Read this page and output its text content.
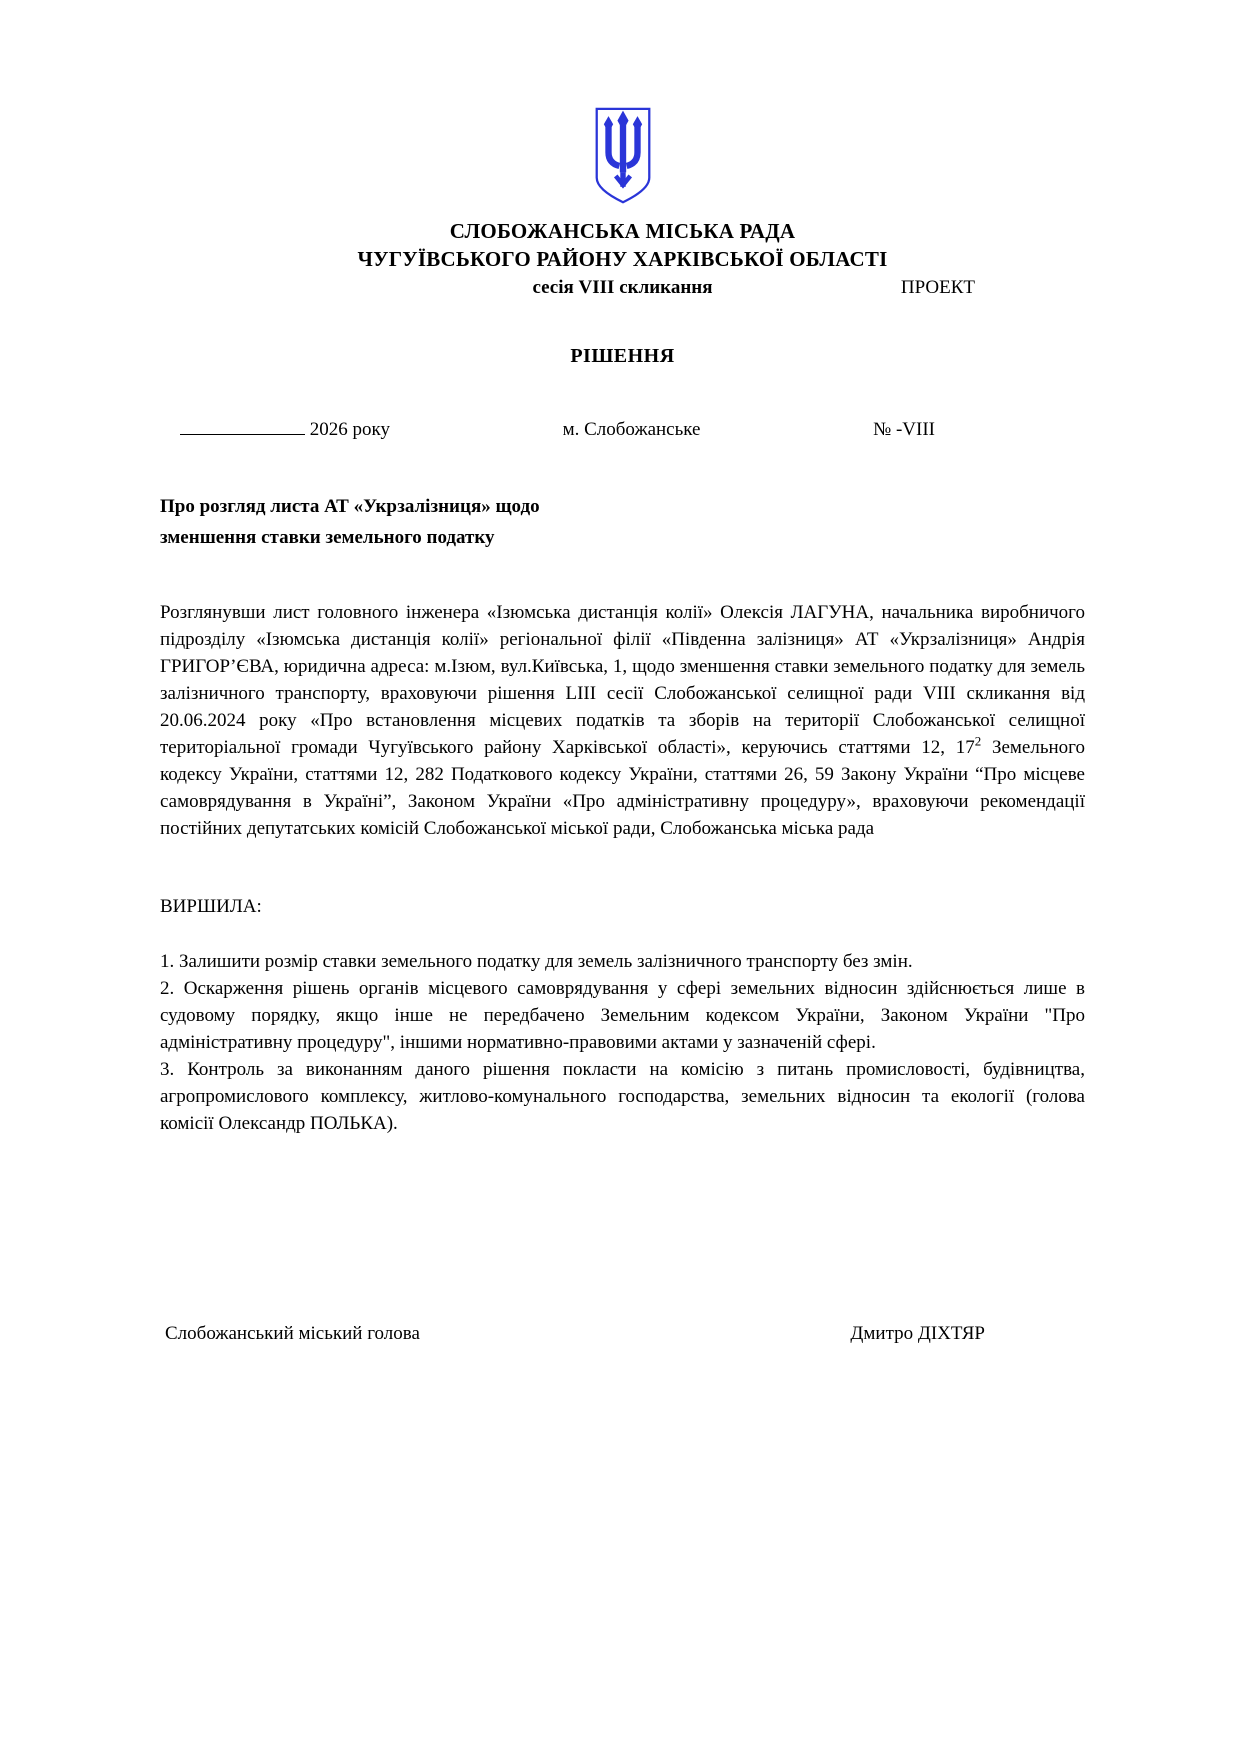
СЛОБОЖАНСЬКА МІСЬКА РАДА
ЧУГУЇВСЬКОГО РАЙОНУ ХАРКІВСЬКОЇ ОБЛАСТІ
сесія VIII скликання	ПРОЕКТ
РІШЕННЯ
2026 року	м. Слобожанське	№ -VIII
Про розгляд листа АТ «Укрзалізниця» щодо
зменшення ставки земельного податку
Розглянувши лист головного інженера «Ізюмська дистанція колії» Олексія ЛАГУНА, начальника виробничого підрозділу «Ізюмська дистанція колії» регіональної філії «Південна залізниця» АТ «Укрзалізниця» Андрія ГРИГОР’ЄВА, юридична адреса: м.Ізюм, вул.Київська, 1, щодо зменшення ставки земельного податку для земель залізничного транспорту, враховуючи рішення LIII сесії Слобожанської селищної ради VIII скликання від 20.06.2024 року «Про встановлення місцевих податків та зборів на території Слобожанської селищної територіальної громади Чугуївського району Харківської області», керуючись статтями 12, $17^2$ Земельного кодексу України, статтями 12, 282 Податкового кодексу України, статтями 26, 59 Закону України “Про місцеве самоврядування в Україні”, Законом України «Про адміністративну процедуру», враховуючи рекомендації постійних депутатських комісій Слобожанської міської ради, Слобожанська міська рада
ВИРШИЛА:

1. Залишити розмір ставки земельного податку для земель залізничного транспорту без змін.

2. Оскарження рішень органів місцевого самоврядування у сфері земельних відносин здійснюється лише в судовому порядку, якщо інше не передбачено Земельним кодексом України, Законом України "Про адміністративну процедуру", іншими нормативно-правовими актами у зазначеній сфері.

3. Контроль за виконанням даного рішення покласти на комісію з питань промисловості, будівництва, агропромислового комплексу, житлово-комунального господарства, земельних відносин та екології (голова комісії Олександр ПОЛЬКА).

Слобожанський міський голова	Дмитро ДІХТЯР
